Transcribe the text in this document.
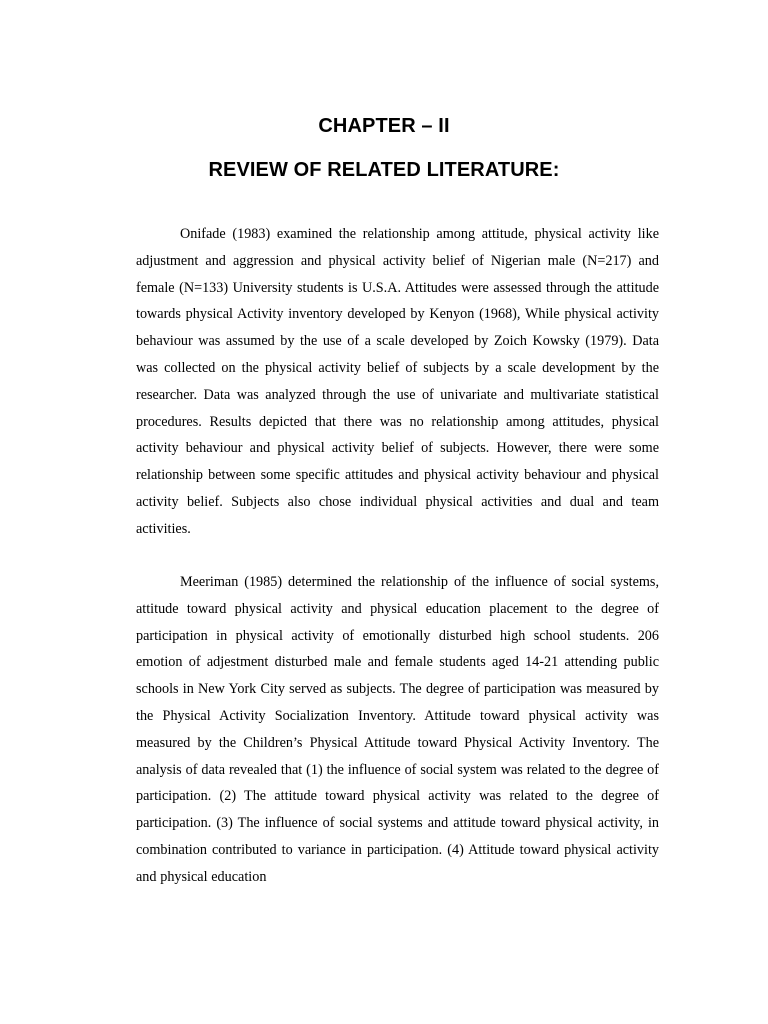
CHAPTER – II
REVIEW OF RELATED LITERATURE:

Onifade (1983) examined the relationship among attitude, physical activity like adjustment and aggression and physical activity belief of Nigerian male (N=217) and female (N=133) University students is U.S.A. Attitudes were assessed through the attitude towards physical Activity inventory developed by Kenyon (1968), While physical activity behaviour was assumed by the use of a scale developed by Zoich Kowsky (1979). Data was collected on the physical activity belief of subjects by a scale development by the researcher. Data was analyzed through the use of univariate and multivariate statistical procedures. Results depicted that there was no relationship among attitudes, physical activity behaviour and physical activity belief of subjects. However, there were some relationship between some specific attitudes and physical activity behaviour and physical activity belief. Subjects also chose individual physical activities and dual and team activities.

Meeriman (1985) determined the relationship of the influence of social systems, attitude toward physical activity and physical education placement to the degree of participation in physical activity of emotionally disturbed high school students. 206 emotion of adjestment disturbed male and female students aged 14-21 attending public schools in New York City served as subjects. The degree of participation was measured by the Physical Activity Socialization Inventory. Attitude toward physical activity was measured by the Children’s Physical Attitude toward Physical Activity Inventory. The analysis of data revealed that (1) the influence of social system was related to the degree of participation. (2) The attitude toward physical activity was related to the degree of participation. (3) The influence of social systems and attitude toward physical activity, in combination contributed to variance in participation. (4) Attitude toward physical activity and physical education
